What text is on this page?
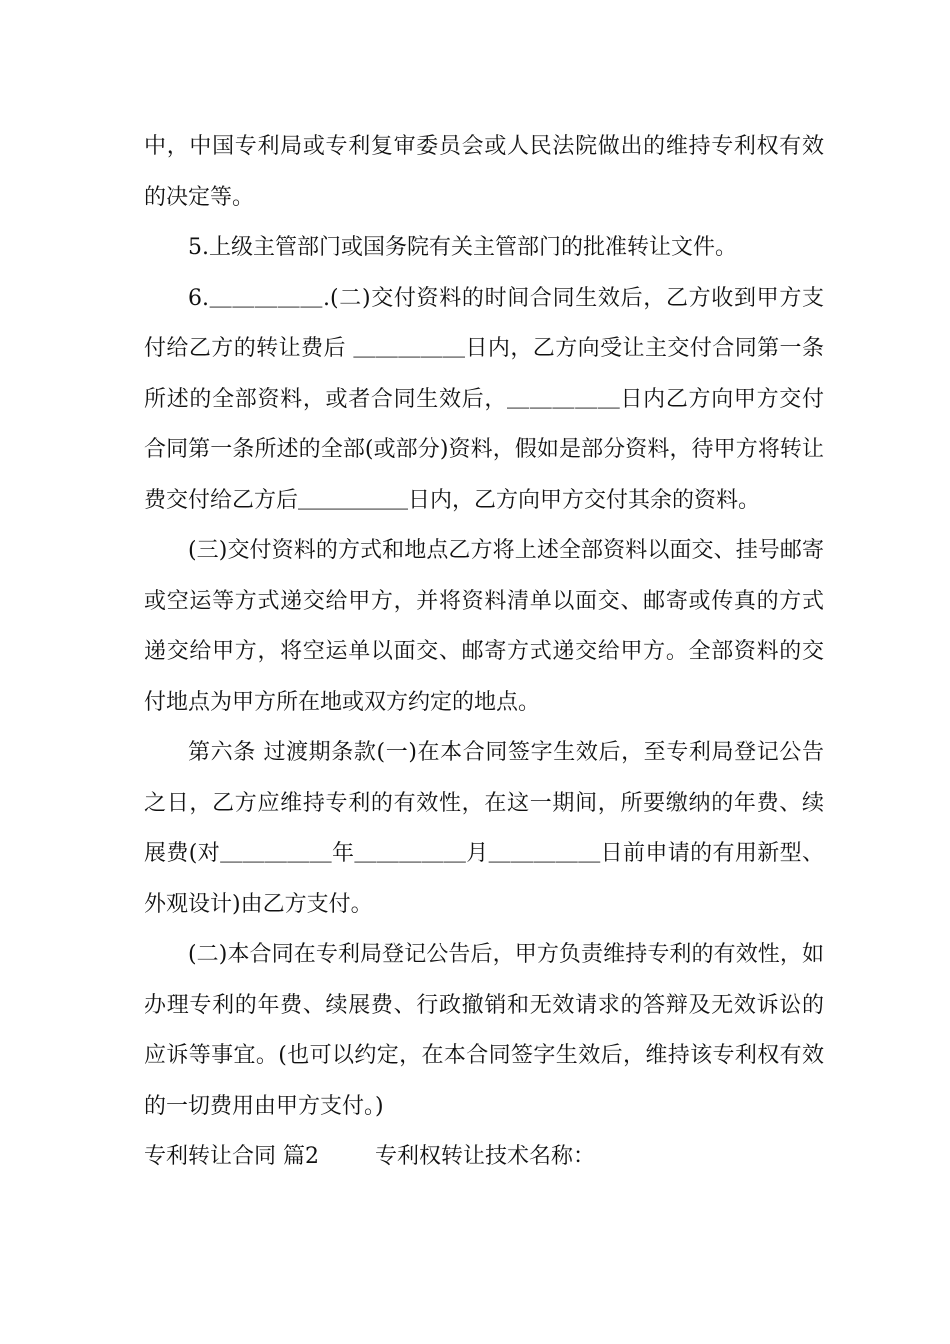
中，中国专利局或专利复审委员会或人民法院做出的维持专利权有效的决定等。

5.上级主管部门或国务院有关主管部门的批准转让文件。

6.＿＿＿＿＿.(二)交付资料的时间合同生效后，乙方收到甲方支付给乙方的转让费后 ＿＿＿＿＿日内，乙方向受让主交付合同第一条所述的全部资料，或者合同生效后，＿＿＿＿＿日内乙方向甲方交付合同第一条所述的全部(或部分)资料，假如是部分资料，待甲方将转让费交付给乙方后＿＿＿＿＿日内，乙方向甲方交付其余的资料。

(三)交付资料的方式和地点乙方将上述全部资料以面交、挂号邮寄或空运等方式递交给甲方，并将资料清单以面交、邮寄或传真的方式递交给甲方，将空运单以面交、邮寄方式递交给甲方。全部资料的交付地点为甲方所在地或双方约定的地点。

第六条 过渡期条款(一)在本合同签字生效后，至专利局登记公告之日，乙方应维持专利的有效性，在这一期间，所要缴纳的年费、续展费(对＿＿＿＿＿年＿＿＿＿＿月＿＿＿＿＿日前申请的有用新型、外观设计)由乙方支付。

(二)本合同在专利局登记公告后，甲方负责维持专利的有效性，如办理专利的年费、续展费、行政撤销和无效请求的答辩及无效诉讼的应诉等事宜。(也可以约定，在本合同签字生效后，维持该专利权有效的一切费用由甲方支付。)

专利转让合同 篇2	专利权转让技术名称：
